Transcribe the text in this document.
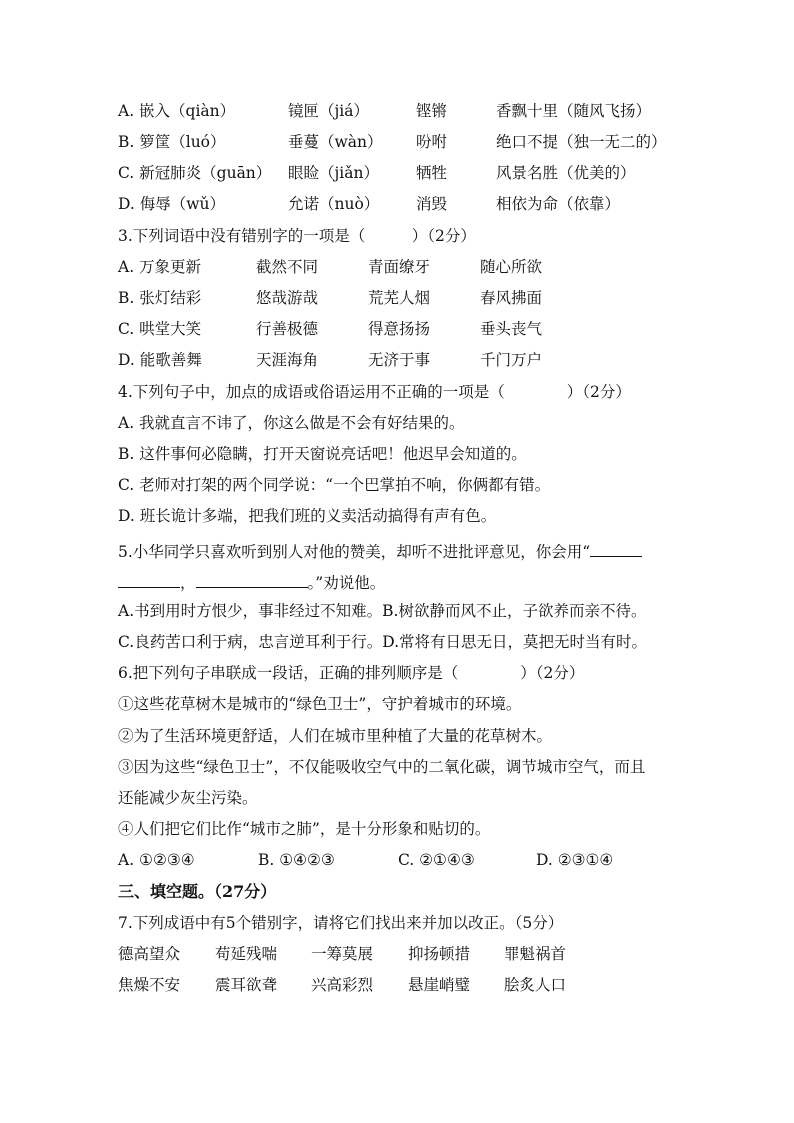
A. 嵌入（qiàn）	镜匣（jiá）	铿锵	香飘十里（随风飞扬）
B. 箩筐（luó）	垂蔓（wàn） 吩咐	绝口不提（独一无二的）
C. 新冠肺炎（guān） 眼睑（jiǎn） 牺牲	风景名胜（优美的）
D. 侮辱（wǔ）	允诺（nuò） 消毁	相依为命（依靠）
3.下列词语中没有错别字的一项是（　　　）（2分）
A. 万象更新	截然不同	青面缭牙	随心所欲
B. 张灯结彩	悠哉游哉	荒芜人烟	春风拂面
C. 哄堂大笑	行善极德	得意扬扬	垂头丧气
D. 能歌善舞	天涯海角	无济于事	千门万户
4.下列句子中，加点的成语或俗语运用不正确的一项是（　　　　）（2分）
A. 我就直言不讳了，你这么做是不会有好结果的。
B. 这件事何必隐瞒，打开天窗说亮话吧！他迟早会知道的。
C. 老师对打架的两个同学说：“一个巴掌拍不响，你俩都有错。
D. 班长诡计多端，把我们班的义卖活动搞得有声有色。
5.小华同学只喜欢听到别人对他的赞美，却听不进批评意见，你会用“
，	。”劝说他。
A.书到用时方恨少，事非经过不知难。B.树欲静而风不止，子欲养而亲不待。
C.良药苦口利于病，忠言逆耳利于行。D.常将有日思无日，莫把无时当有时。
6.把下列句子串联成一段话，正确的排列顺序是（　　　　）（2分）
①这些花草树木是城市的“绿色卫士”，守护着城市的环境。
②为了生活环境更舒适，人们在城市里种植了大量的花草树木。
③因为这些“绿色卫士”，不仅能吸收空气中的二氧化碳，调节城市空气，而且
还能减少灰尘污染。
④人们把它们比作“城市之肺”，是十分形象和贴切的。
A. ①②③④	B. ①④②③	C. ②①④③	D. ②③①④
三、填空题。（27分）
7.下列成语中有5个错别字，请将它们找出来并加以改正。（5分）
德高望众 苟延残喘 一筹莫展 抑扬顿措 罪魁祸首
焦燥不安 震耳欲聋 兴高彩烈 悬崖峭璧 脍炙人口
